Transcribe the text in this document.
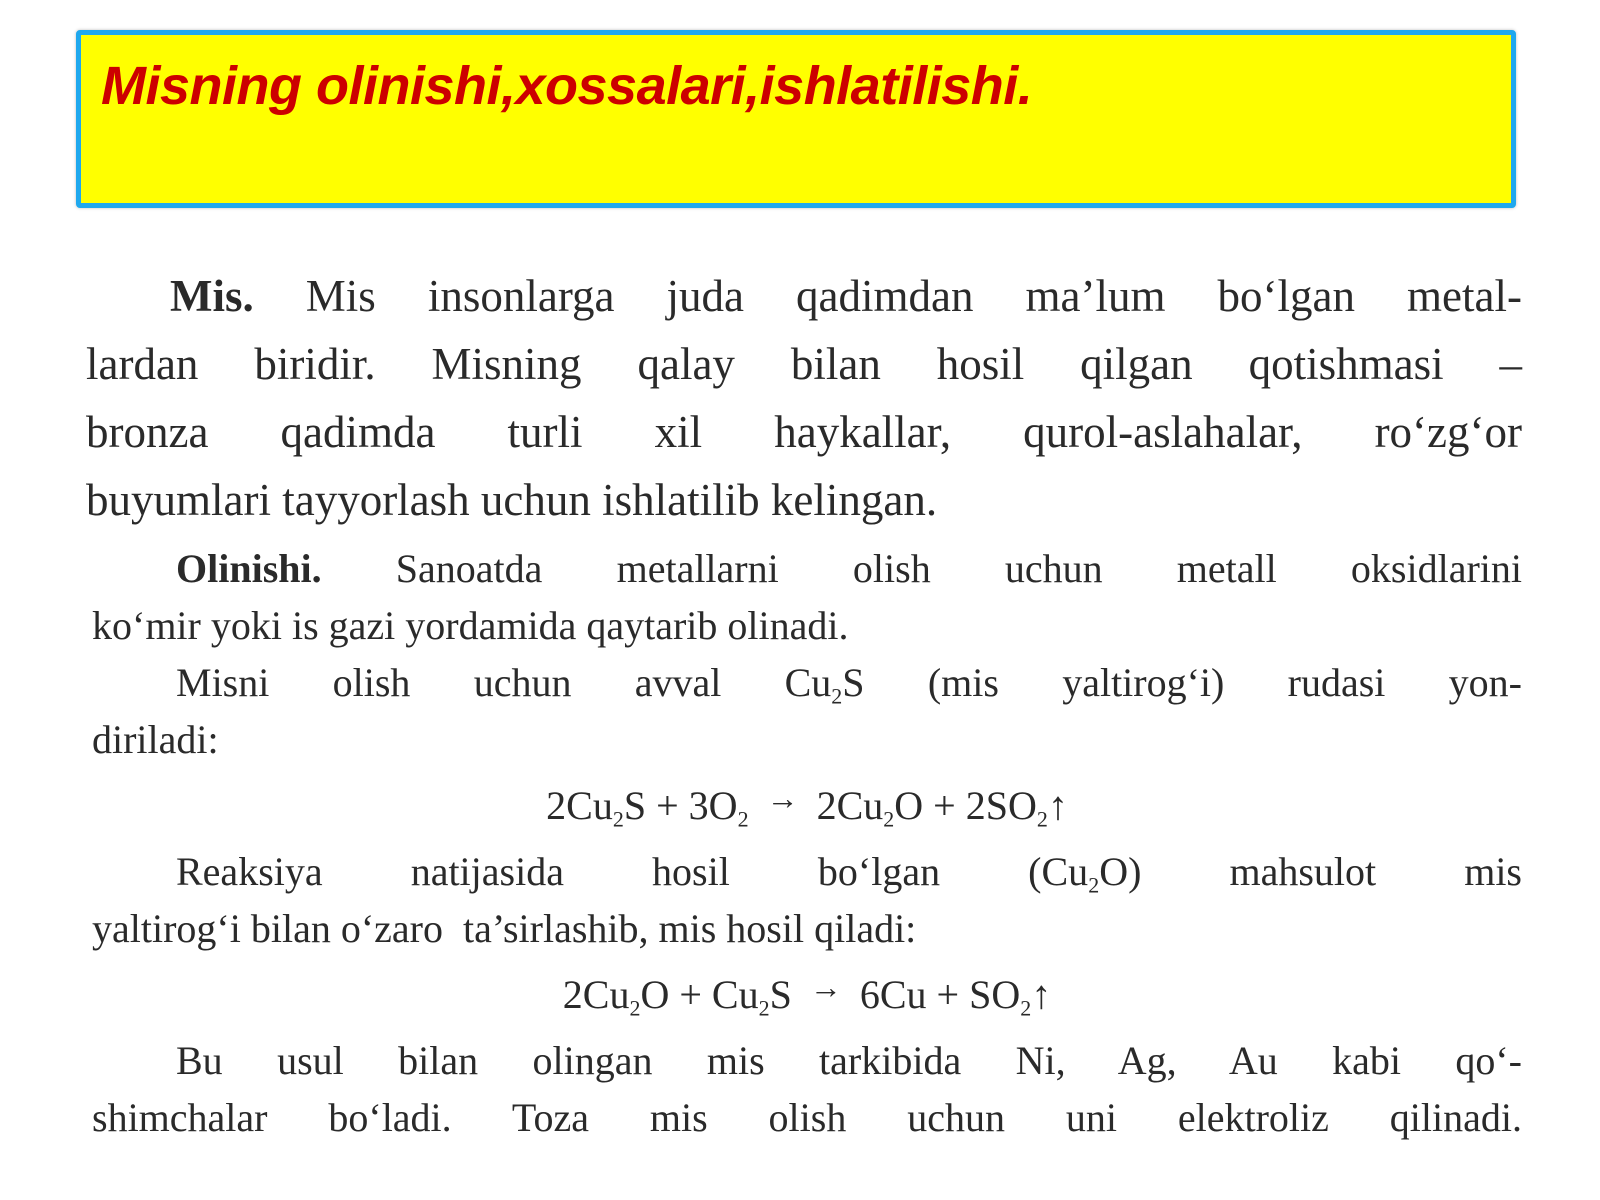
Misning olinishi,xossalari,ishlatilishi.
Mis. Mis insonlarga juda qadimdan ma’lum bo‘lgan metal-
lardan biridir. Misning qalay bilan hosil qilgan qotishmasi –
bronza qadimda turli xil haykallar, qurol-aslahalar, ro‘zg‘or
buyumlari tayyorlash uchun ishlatilib kelingan.
Olinishi. Sanoatda metallarni olish uchun metall oksidlarini
ko‘mir yoki is gazi yordamida qaytarib olinadi.
Misni olish uchun avval $Cu_2S$ (mis yaltirog‘i) rudasi yon-
diriladi:
$2Cu_2S + 3O_2^\to$ $2Cu_2O$ + $2SO_2↑$
Reaksiya natijasida hosil bo‘lgan $(Cu_2O)$ mahsulot mis
yaltirog‘i bilan o‘zaro  ta’sirlashib, mis hosil qiladi:
$2Cu_2O + Cu_2S$ → $6Cu + SO_2↑$
Bu usul bilan olingan mis tarkibida Ni, Ag, Au kabi qo‘-
shimchalar bo‘ladi. Toza mis olish uchun uni elektroliz qilinadi.
